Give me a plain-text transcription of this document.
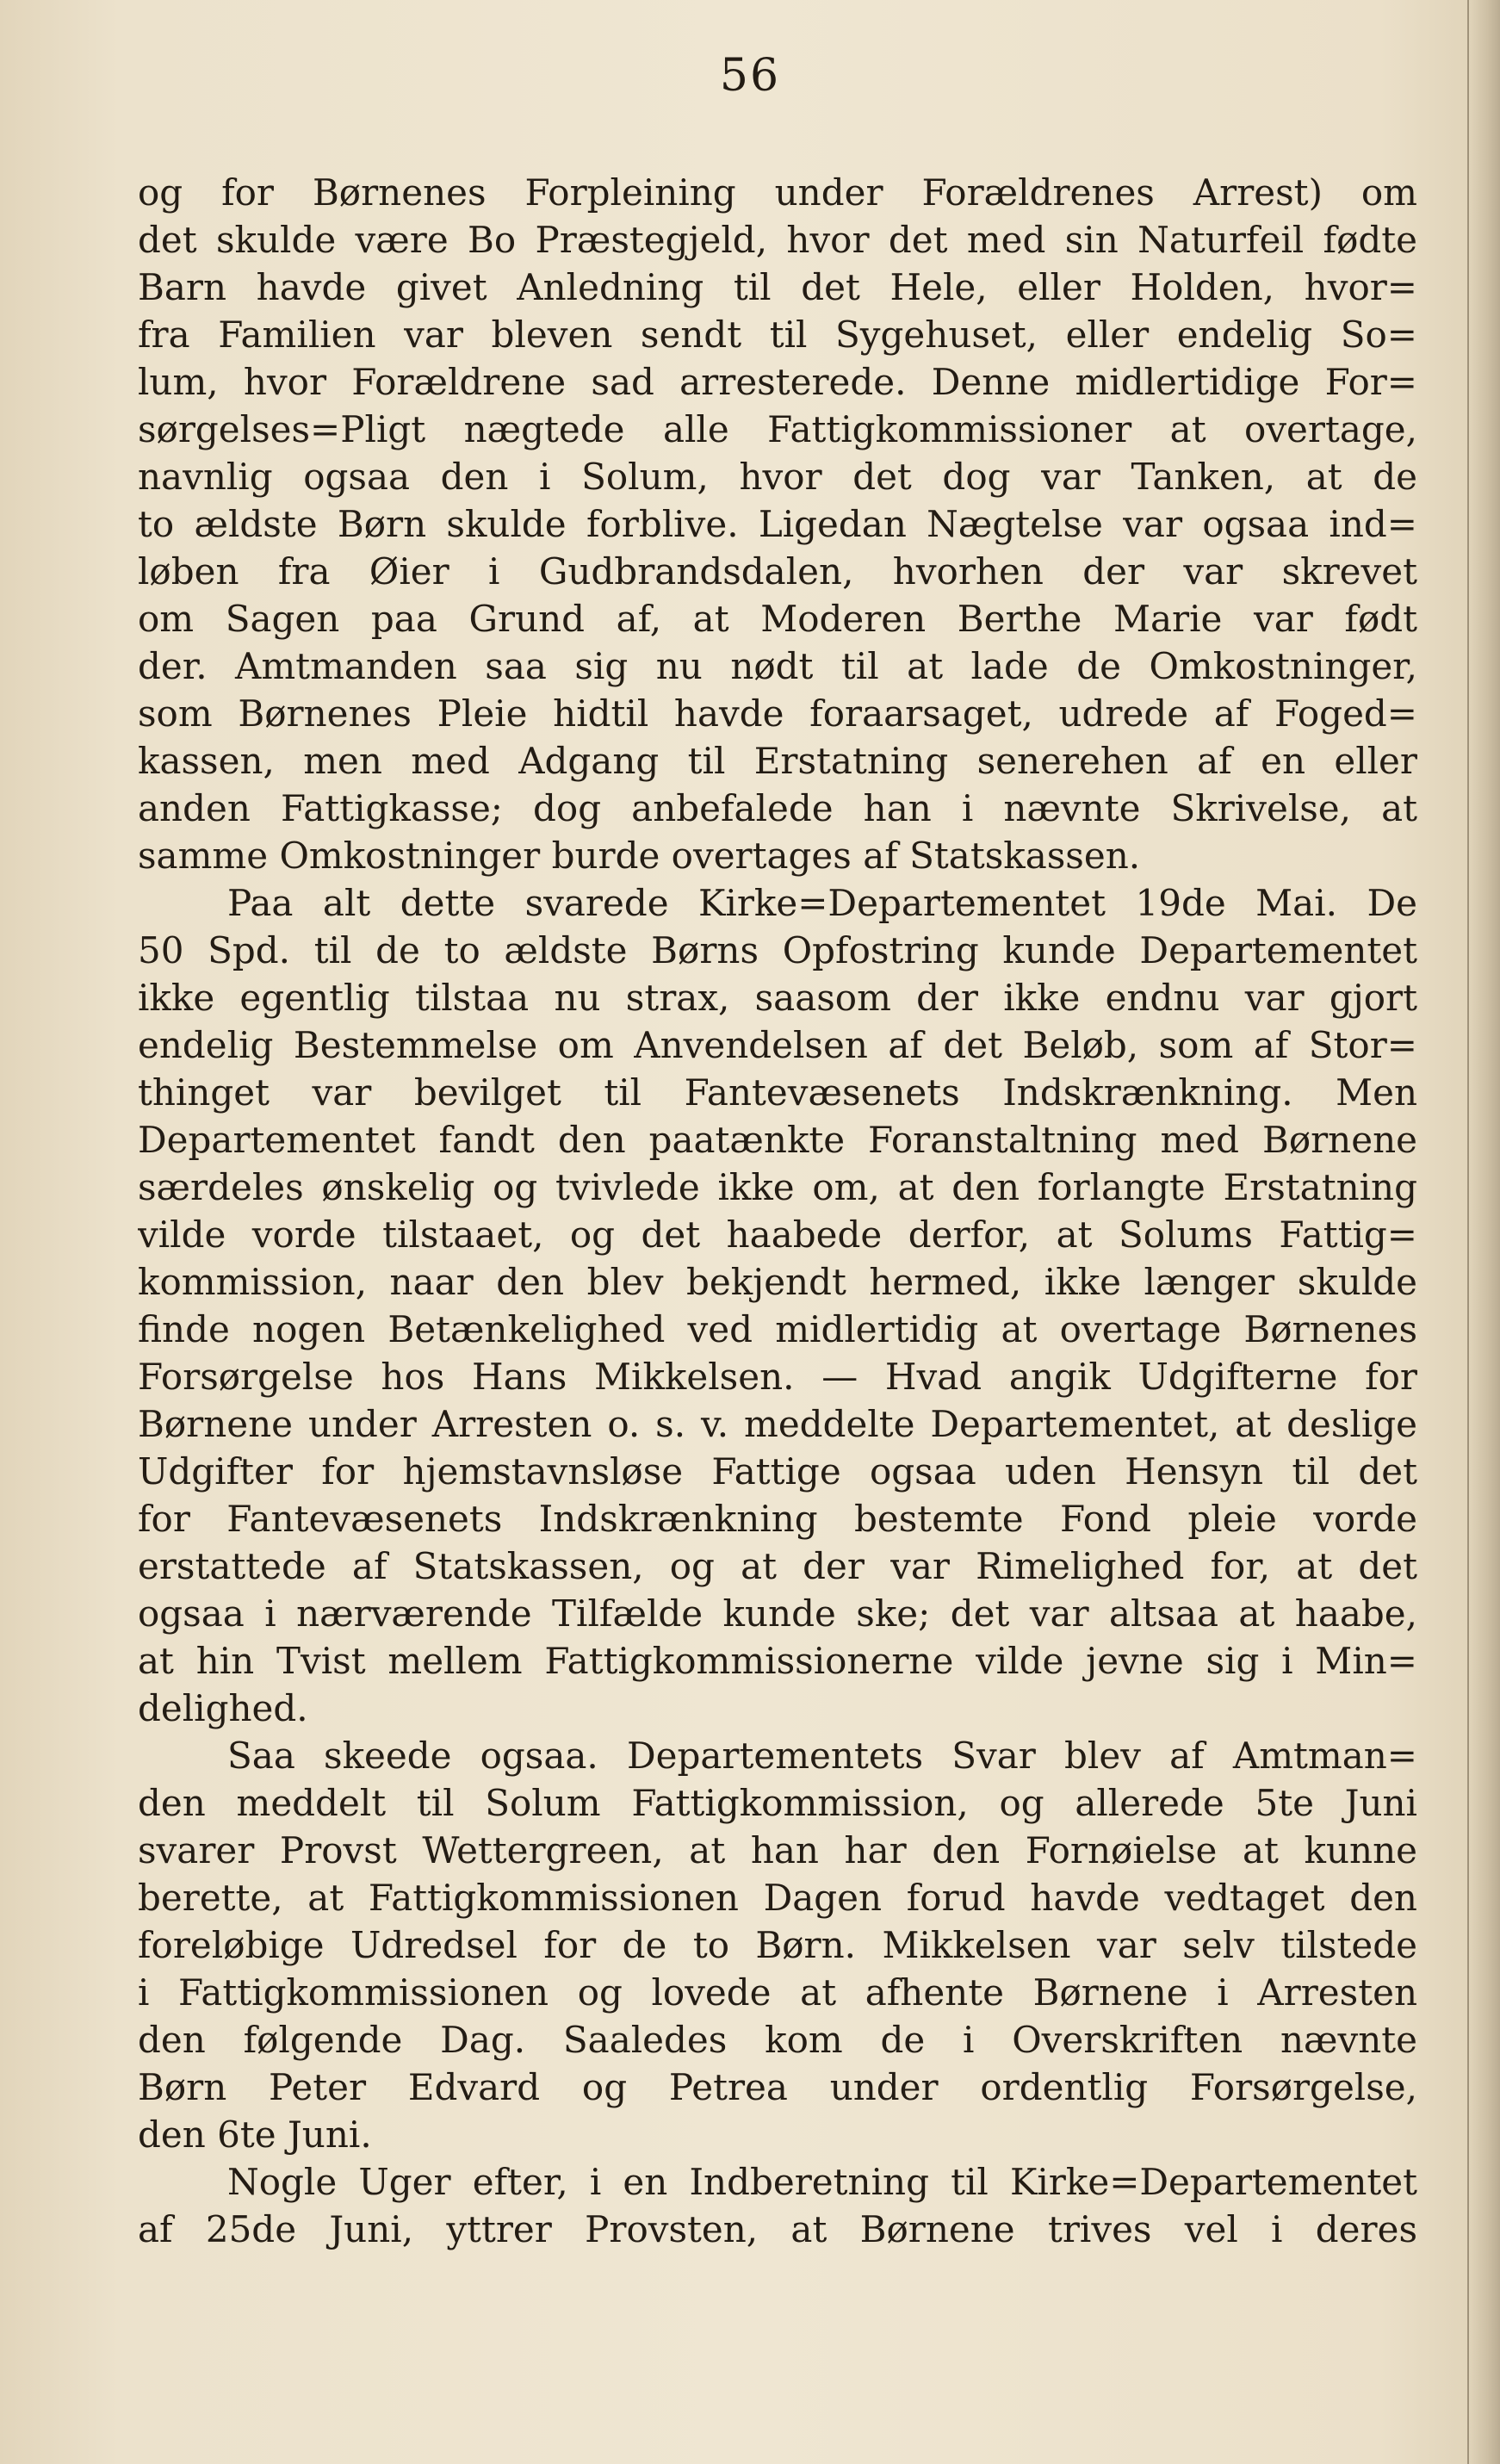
56
og for Børnenes Forpleining under Forældrenes Arrest) om
det skulde være Bo Præstegjeld, hvor det med sin Naturfeil fødte
Barn havde givet Anledning til det Hele, eller Holden, hvor=
fra Familien var bleven sendt til Sygehuset, eller endelig So=
lum, hvor Forældrene sad arresterede. Denne midlertidige For=
sørgelses=Pligt nægtede alle Fattigkommissioner at overtage,
navnlig ogsaa den i Solum, hvor det dog var Tanken, at de
to ældste Børn skulde forblive. Ligedan Nægtelse var ogsaa ind=
løben fra Øier i Gudbrandsdalen, hvorhen der var skrevet
om Sagen paa Grund af, at Moderen Berthe Marie var født
der. Amtmanden saa sig nu nødt til at lade de Omkostninger,
som Børnenes Pleie hidtil havde foraarsaget, udrede af Foged=
kassen, men med Adgang til Erstatning senerehen af en eller
anden Fattigkasse; dog anbefalede han i nævnte Skrivelse, at
samme Omkostninger burde overtages af Statskassen.
Paa alt dette svarede Kirke=Departementet 19de Mai. De
50 Spd. til de to ældste Børns Opfostring kunde Departementet
ikke egentlig tilstaa nu strax, saasom der ikke endnu var gjort
endelig Bestemmelse om Anvendelsen af det Beløb, som af Stor=
thinget var bevilget til Fantevæsenets Indskrænkning. Men
Departementet fandt den paatænkte Foranstaltning med Børnene
særdeles ønskelig og tvivlede ikke om, at den forlangte Erstatning
vilde vorde tilstaaet, og det haabede derfor, at Solums Fattig=
kommission, naar den blev bekjendt hermed, ikke længer skulde
finde nogen Betænkelighed ved midlertidig at overtage Børnenes
Forsørgelse hos Hans Mikkelsen. — Hvad angik Udgifterne for
Børnene under Arresten o. s. v. meddelte Departementet, at deslige
Udgifter for hjemstavnsløse Fattige ogsaa uden Hensyn til det
for Fantevæsenets Indskrænkning bestemte Fond pleie vorde
erstattede af Statskassen, og at der var Rimelighed for, at det
ogsaa i nærværende Tilfælde kunde ske; det var altsaa at haabe,
at hin Tvist mellem Fattigkommissionerne vilde jevne sig i Min=
delighed.
Saa skeede ogsaa. Departementets Svar blev af Amtman=
den meddelt til Solum Fattigkommission, og allerede 5te Juni
svarer Provst Wettergreen, at han har den Fornøielse at kunne
berette, at Fattigkommissionen Dagen forud havde vedtaget den
foreløbige Udredsel for de to Børn. Mikkelsen var selv tilstede
i Fattigkommissionen og lovede at afhente Børnene i Arresten
den følgende Dag. Saaledes kom de i Overskriften nævnte
Børn Peter Edvard og Petrea under ordentlig Forsørgelse,
den 6te Juni.
Nogle Uger efter, i en Indberetning til Kirke=Departementet
af 25de Juni, yttrer Provsten, at Børnene trives vel i deres
